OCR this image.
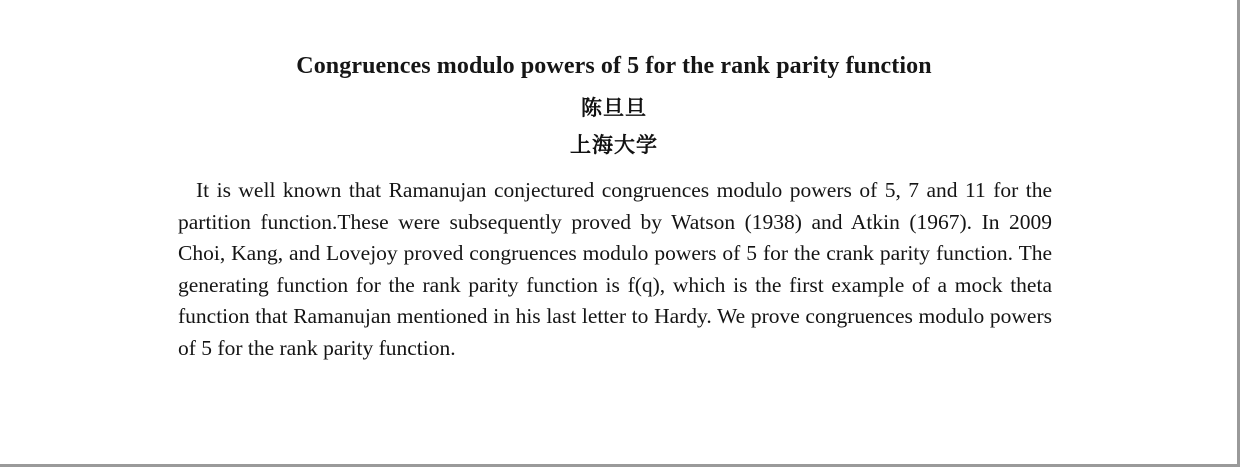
Congruences modulo powers of 5 for the rank parity function
陈旦旦
上海大学

It is well known that Ramanujan conjectured congruences modulo powers of 5, 7 and 11 for the partition function.These were subsequently proved by Watson (1938) and Atkin (1967). In 2009 Choi, Kang, and Lovejoy proved congruences modulo powers of 5 for the crank parity function. The generating function for the rank parity function is f(q), which is the first example of a mock theta function that Ramanujan mentioned in his last letter to Hardy. We prove congruences modulo powers of 5 for the rank parity function.
